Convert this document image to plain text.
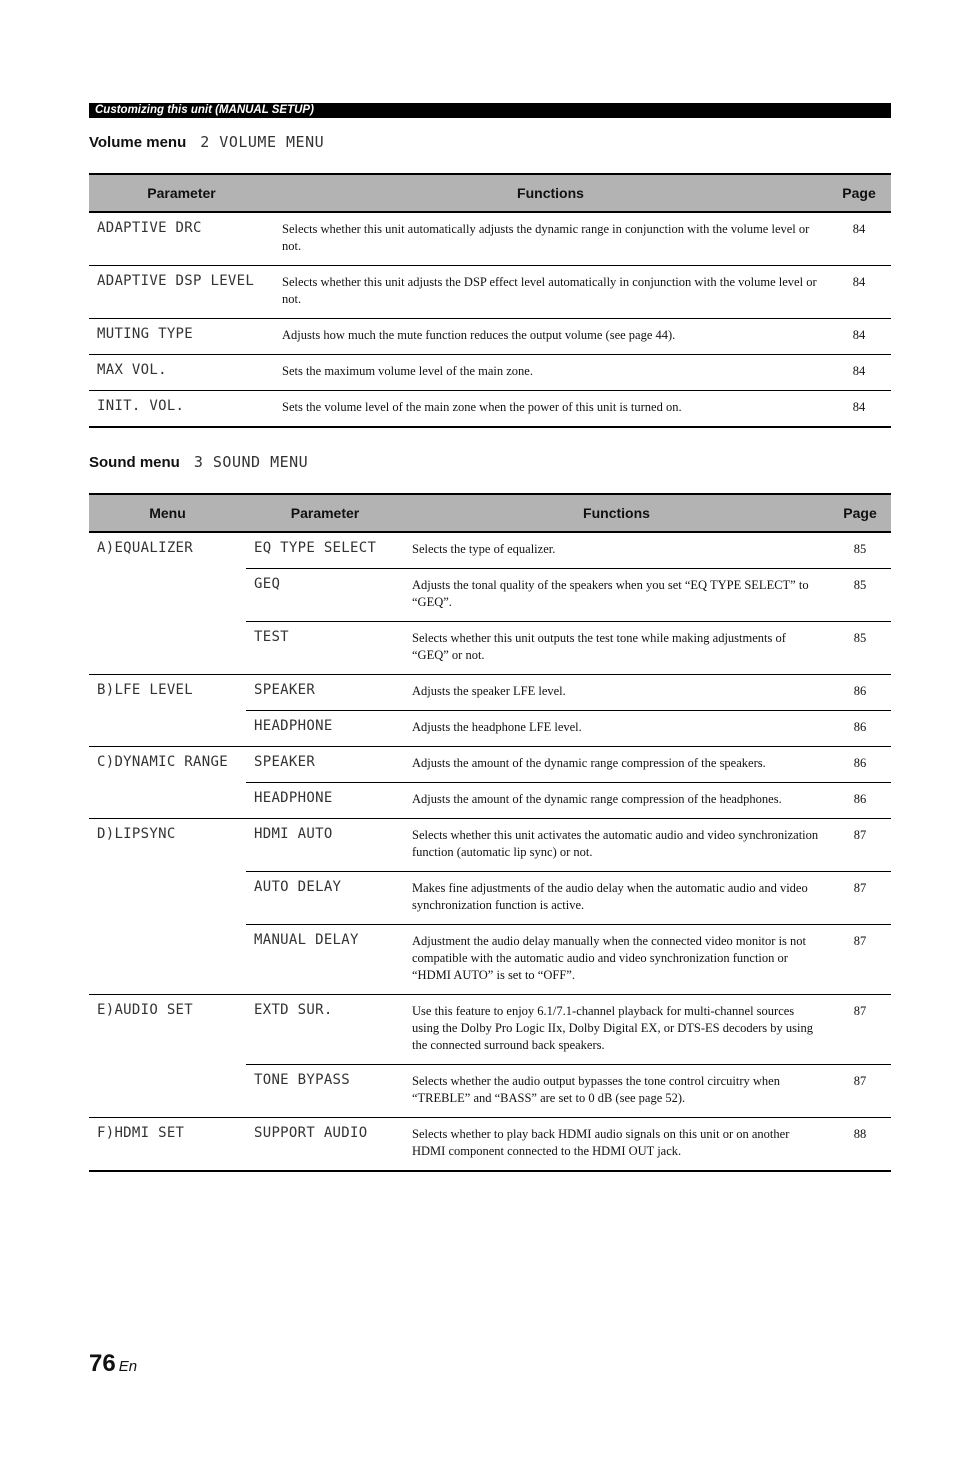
Customizing this unit (MANUAL SETUP)
Volume menu 2 VOLUME MENU
Parameter	Functions	Page
ADAPTIVE DRC	Selects whether this unit automatically adjusts the dynamic range in conjunction with the volume level or not.	84
ADAPTIVE DSP LEVEL	Selects whether this unit adjusts the DSP effect level automatically in conjunction with the volume level or not.	84
MUTING TYPE	Adjusts how much the mute function reduces the output volume (see page 44).	84
MAX VOL.	Sets the maximum volume level of the main zone.	84
INIT. VOL.	Sets the volume level of the main zone when the power of this unit is turned on.	84
Sound menu 3 SOUND MENU
Menu	Parameter	Functions	Page
A)EQUALIZER	EQ TYPE SELECT	Selects the type of equalizer.	85
	GEQ	Adjusts the tonal quality of the speakers when you set “EQ TYPE SELECT” to “GEQ”.	85
	TEST	Selects whether this unit outputs the test tone while making adjustments of “GEQ” or not.	85
B)LFE LEVEL	SPEAKER	Adjusts the speaker LFE level.	86
	HEADPHONE	Adjusts the headphone LFE level.	86
C)DYNAMIC RANGE	SPEAKER	Adjusts the amount of the dynamic range compression of the speakers.	86
	HEADPHONE	Adjusts the amount of the dynamic range compression of the headphones.	86
D)LIPSYNC	HDMI AUTO	Selects whether this unit activates the automatic audio and video synchronization function (automatic lip sync) or not.	87
	AUTO DELAY	Makes fine adjustments of the audio delay when the automatic audio and video synchronization function is active.	87
	MANUAL DELAY	Adjustment the audio delay manually when the connected video monitor is not compatible with the automatic audio and video synchronization function or “HDMI AUTO” is set to “OFF”.	87
E)AUDIO SET	EXTD SUR.	Use this feature to enjoy 6.1/7.1-channel playback for multi-channel sources using the Dolby Pro Logic IIx, Dolby Digital EX, or DTS-ES decoders by using the connected surround back speakers.	87
	TONE BYPASS	Selects whether the audio output bypasses the tone control circuitry when “TREBLE” and “BASS” are set to 0 dB (see page 52).	87
F)HDMI SET	SUPPORT AUDIO	Selects whether to play back HDMI audio signals on this unit or on another HDMI component connected to the HDMI OUT jack.	88
76 En
